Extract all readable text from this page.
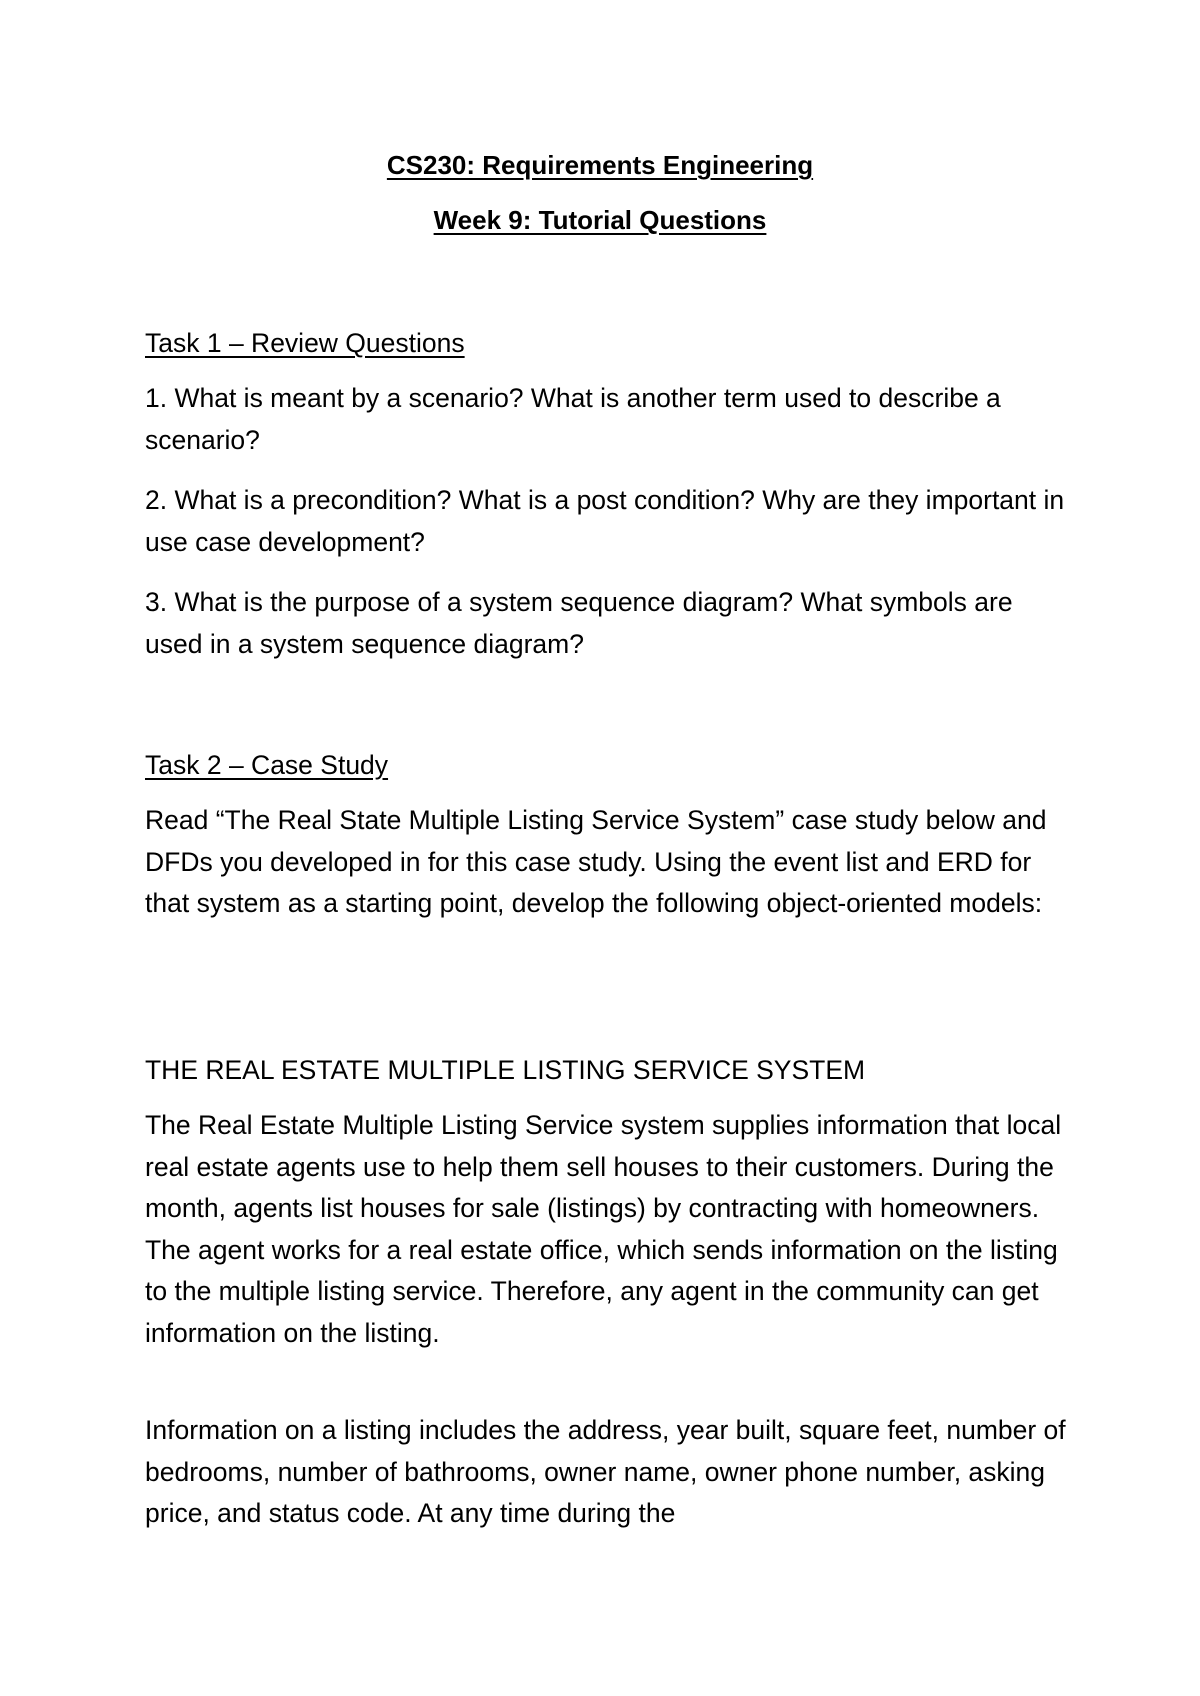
CS230: Requirements Engineering
Week 9: Tutorial Questions

Task 1 – Review Questions

1. What is meant by a scenario? What is another term used to describe a scenario?

2. What is a precondition? What is a post condition? Why are they important in use case development?

3. What is the purpose of a system sequence diagram? What symbols are used in a system sequence diagram?

Task 2 – Case Study

Read “The Real State Multiple Listing Service System” case study below and DFDs you developed in for this case study. Using the event list and ERD for that system as a starting point, develop the following object-oriented models:

THE REAL ESTATE MULTIPLE LISTING SERVICE SYSTEM

The Real Estate Multiple Listing Service system supplies information that local real estate agents use to help them sell houses to their customers. During the month, agents list houses for sale (listings) by contracting with homeowners. The agent works for a real estate office, which sends information on the listing to the multiple listing service. Therefore, any agent in the community can get information on the listing.

Information on a listing includes the address, year built, square feet, number of bedrooms, number of bathrooms, owner name, owner phone number, asking price, and status code. At any time during the
